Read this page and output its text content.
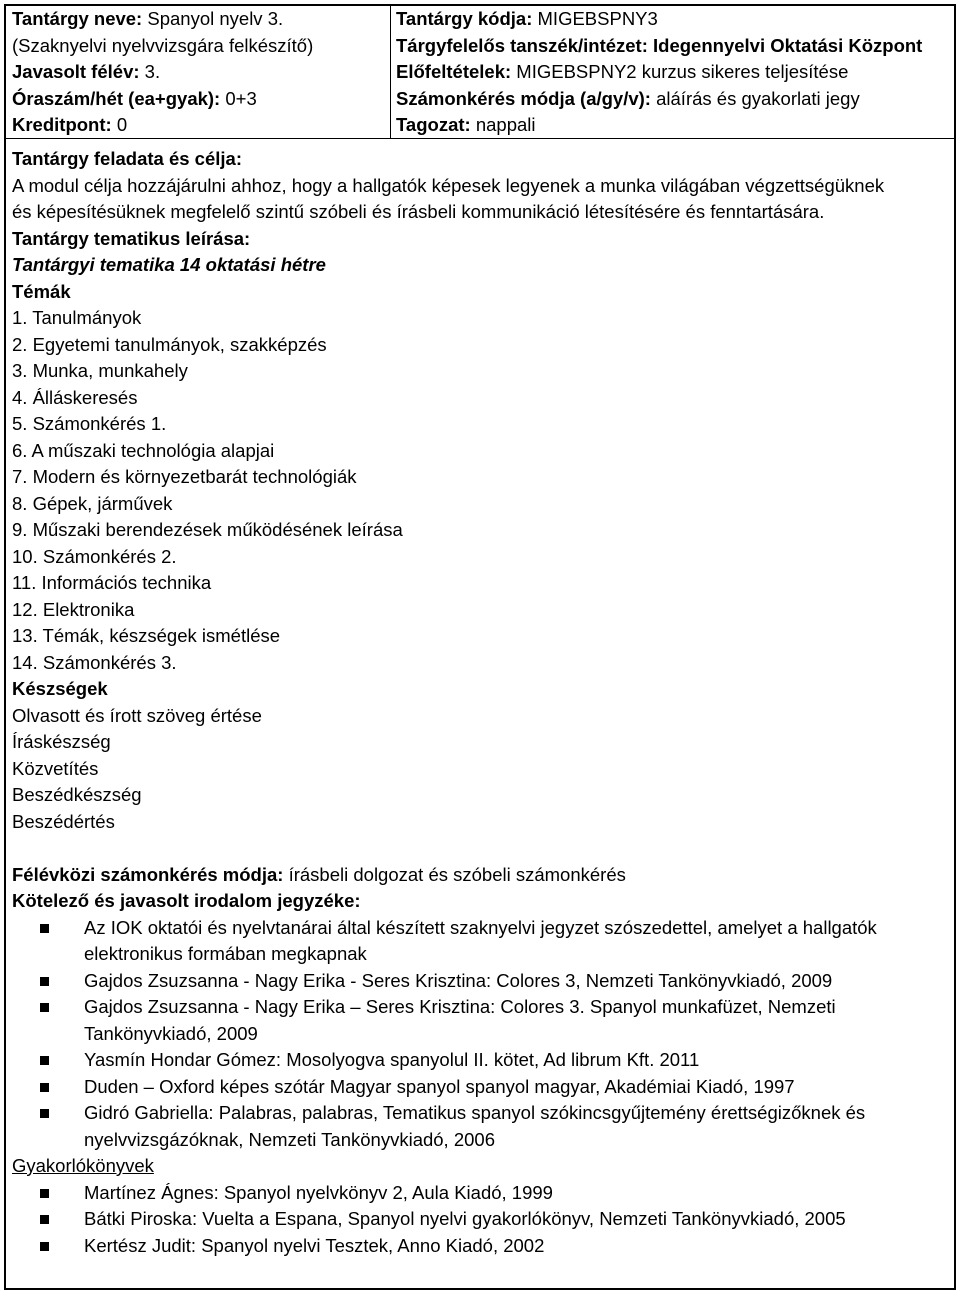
Tantárgy neve: Spanyol nyelv 3.	Tantárgy kódja: MIGEBSPNY3
(Szaknyelvi nyelvvizsgára felkészítő)	Tárgyfelelős tanszék/intézet: Idegennyelvi Oktatási Központ
Javasolt félév: 3.	Előfeltételek: MIGEBSPNY2 kurzus sikeres teljesítése
Óraszám/hét (ea+gyak): 0+3	Számonkérés módja (a/gy/v): aláírás és gyakorlati jegy
Kreditpont: 0	Tagozat: nappali

Tantárgy feladata és célja:

A modul célja hozzájárulni ahhoz, hogy a hallgatók képesek legyenek a munka világában végzettségüknek

és képesítésüknek megfelelő szintű szóbeli és írásbeli kommunikáció létesítésére és fenntartására.

Tantárgy tematikus leírása:

Tantárgyi tematika 14 oktatási hétre

Témák

1. Tanulmányok

2. Egyetemi tanulmányok, szakképzés

3. Munka, munkahely

4. Álláskeresés

5. Számonkérés 1.

6. A műszaki technológia alapjai

7. Modern és környezetbarát technológiák

8. Gépek, járművek

9. Műszaki berendezések működésének leírása

10. Számonkérés 2.

11. Információs technika

12. Elektronika

13. Témák, készségek ismétlése

14. Számonkérés 3.

Készségek

Olvasott és írott szöveg értése

Íráskészség

Közvetítés

Beszédkészség

Beszédértés

Félévközi számonkérés módja: írásbeli dolgozat és szóbeli számonkérés

Kötelező és javasolt irodalom jegyzéke:

Az IOK oktatói és nyelvtanárai által készített szaknyelvi jegyzet szószedettel, amelyet a hallgatók
elektronikus formában megkapnak
Gajdos Zsuzsanna - Nagy Erika - Seres Krisztina: Colores 3, Nemzeti Tankönyvkiadó, 2009
Gajdos Zsuzsanna - Nagy Erika – Seres Krisztina: Colores 3. Spanyol munkafüzet, Nemzeti
Tankönyvkiadó, 2009
Yasmín Hondar Gómez: Mosolyogva spanyolul II. kötet, Ad librum Kft. 2011
Duden – Oxford képes szótár Magyar spanyol spanyol magyar, Akadémiai Kiadó, 1997
Gidró Gabriella: Palabras, palabras, Tematikus spanyol szókincsgyűjtemény érettségizőknek és
nyelvvizsgázóknak, Nemzeti Tankönyvkiadó, 2006

Gyakorlókönyvek

Martínez Ágnes: Spanyol nyelvkönyv 2, Aula Kiadó, 1999
Bátki Piroska: Vuelta a Espana, Spanyol nyelvi gyakorlókönyv, Nemzeti Tankönyvkiadó, 2005
Kertész Judit: Spanyol nyelvi Tesztek, Anno Kiadó, 2002
